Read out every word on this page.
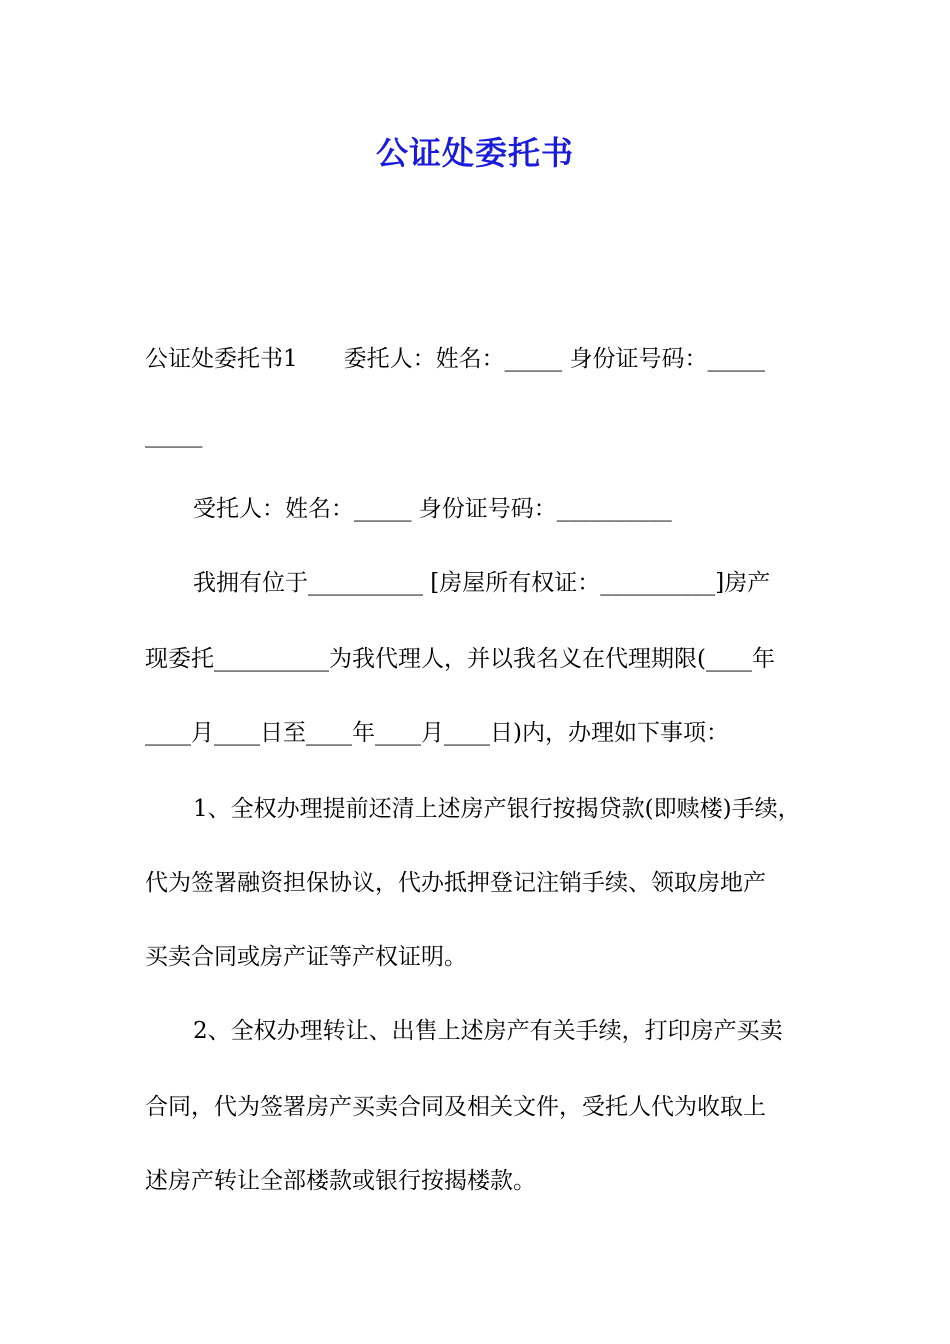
公证处委托书
公证处委托书1　　委托人：姓名：_____ 身份证号码：_____
_____
受托人：姓名：_____ 身份证号码：__________
我拥有位于__________ [房屋所有权证：__________]房产
现委托__________为我代理人，并以我名义在代理期限(____年
____月____日至____年____月____日)内，办理如下事项：
1、全权办理提前还清上述房产银行按揭贷款(即赎楼)手续，
代为签署融资担保协议，代办抵押登记注销手续、领取房地产
买卖合同或房产证等产权证明。
2、全权办理转让、出售上述房产有关手续，打印房产买卖
合同，代为签署房产买卖合同及相关文件，受托人代为收取上
述房产转让全部楼款或银行按揭楼款。
